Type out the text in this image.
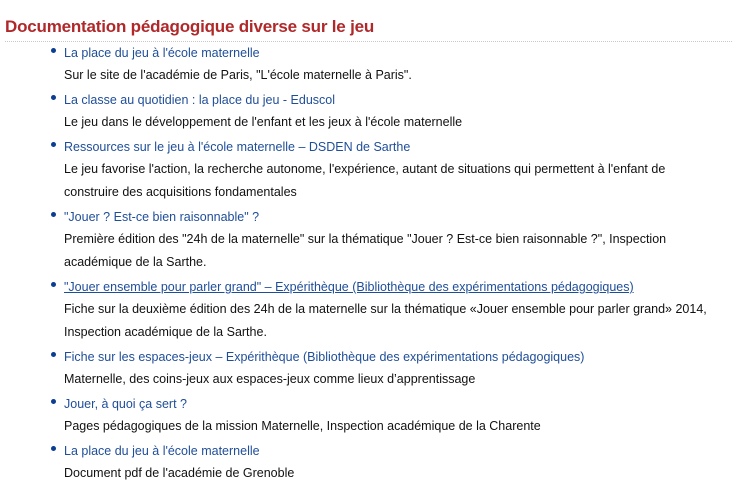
Documentation pédagogique diverse sur le jeu
La place du jeu à l'école maternelle
Sur le site de l'académie de Paris, "L'école maternelle à Paris".
La classe au quotidien : la place du jeu - Eduscol
Le jeu dans le développement de l'enfant et les jeux à l'école maternelle
Ressources sur le jeu à l'école maternelle – DSDEN de Sarthe
Le jeu favorise l'action, la recherche autonome, l'expérience, autant de situations qui permettent à l'enfant de construire des acquisitions fondamentales
"Jouer ? Est-ce bien raisonnable" ?
Première édition des "24h de la maternelle" sur la thématique "Jouer ? Est-ce bien raisonnable ?", Inspection académique de la Sarthe.
"Jouer ensemble pour parler grand" – Expérithèque (Bibliothèque des expérimentations pédagogiques)
Fiche sur la deuxième édition des 24h de la maternelle sur la thématique «Jouer ensemble pour parler grand» 2014, Inspection académique de la Sarthe.
Fiche sur les espaces-jeux – Expérithèque (Bibliothèque des expérimentations pédagogiques)
Maternelle, des coins-jeux aux espaces-jeux comme lieux d’apprentissage
Jouer, à quoi ça sert ?
Pages pédagogiques de la mission Maternelle, Inspection académique de la Charente
La place du jeu à l'école maternelle
Document pdf de l'académie de Grenoble
